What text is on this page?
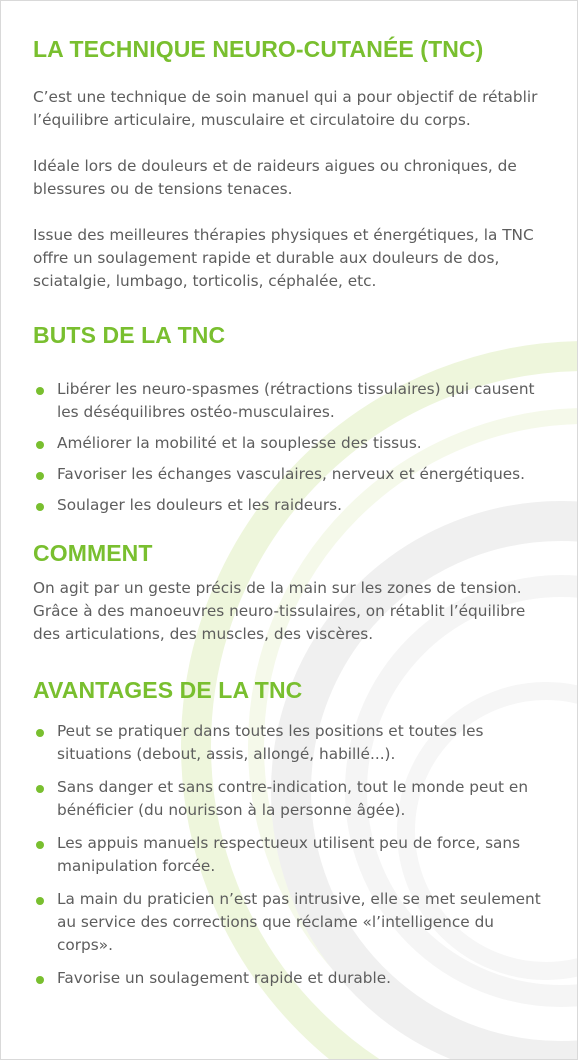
LA TECHNIQUE NEURO-CUTANÉE (TNC)

C’est une technique de soin manuel qui a pour objectif de rétablir l’équilibre articulaire, musculaire et circulatoire du corps.

Idéale lors de douleurs et de raideurs aigues ou chroniques, de blessures ou de tensions tenaces.

Issue des meilleures thérapies physiques et énergétiques, la TNC offre un soulagement rapide et durable aux douleurs de dos, sciatalgie, lumbago, torticolis, céphalée, etc.

BUTS DE LA TNC
Libérer les neuro-spasmes (rétractions tissulaires) qui causent les déséquilibres ostéo-musculaires.
Améliorer la mobilité et la souplesse des tissus.
Favoriser les échanges vasculaires, nerveux et énergétiques.
Soulager les douleurs et les raideurs.
COMMENT

On agit par un geste précis de la main sur les zones de tension. Grâce à des manoeuvres neuro-tissulaires, on rétablit l’équilibre des articulations, des muscles, des viscères.

AVANTAGES DE LA TNC
Peut se pratiquer dans toutes les positions et toutes les situations (debout, assis, allongé, habillé...).
Sans danger et sans contre-indication, tout le monde peut en bénéficier (du nourisson à la personne âgée).
Les appuis manuels respectueux utilisent peu de force, sans manipulation forcée.
La main du praticien n’est pas intrusive, elle se met seulement au service des corrections que réclame «l’intelligence du corps».
Favorise un soulagement rapide et durable.
